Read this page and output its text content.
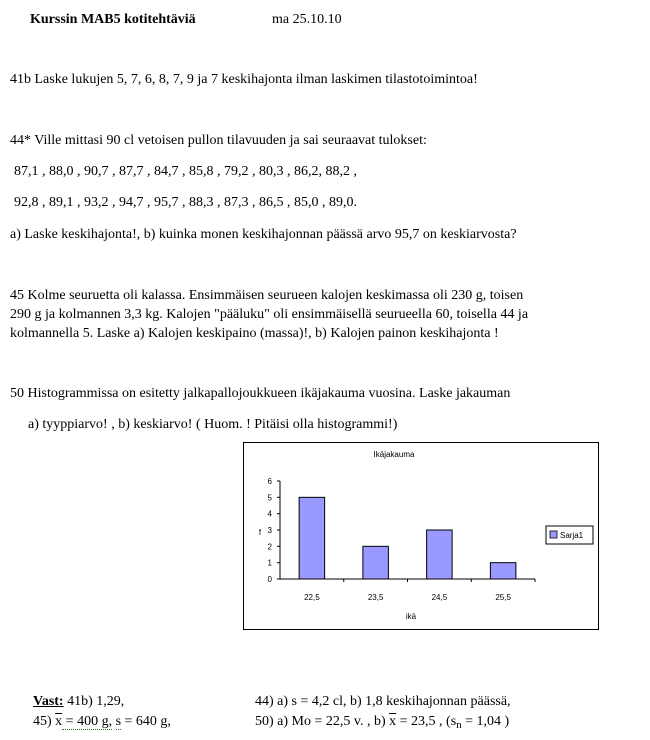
Kurssin MAB5 kotitehtäviä	ma 25.10.10
41b Laske lukujen 5, 7, 6, 8, 7, 9 ja 7 keskihajonta ilman laskimen tilastotoimintoa!
44* Ville mittasi 90 cl vetoisen pullon tilavuuden ja sai seuraavat tulokset:
87,1 , 88,0 , 90,7 , 87,7 , 84,7 , 85,8 , 79,2 , 80,3 , 86,2, 88,2 ,
92,8 , 89,1 , 93,2 , 94,7 , 95,7 , 88,3 , 87,3 , 86,5 , 85,0 , 89,0.
a) Laske keskihajonta!, b) kuinka monen keskihajonnan päässä arvo 95,7 on keskiarvosta?
45 Kolme seuruetta oli kalassa. Ensimmäisen seurueen kalojen keskimassa oli 230 g, toisen
290 g ja kolmannen 3,3 kg. Kalojen "pääluku" oli ensimmäisellä seurueella 60, toisella 44 ja
kolmannella 5. Laske a) Kalojen keskipaino (massa)!, b) Kalojen painon keskihajonta !
50 Histogrammissa on esitetty jalkapallojoukkueen ikäjakauma vuosina. Laske jakauman
a) tyyppiarvo! , b) keskiarvo! ( Huom. ! Pitäisi olla histogrammi!)
Ikäjakauma
f
ikä
0
1
2
3
4
5
6
22,5	23,5	24,5	25,5
Sarja1
Vast: 41b) 1,29,	44) a) s = 4,2 cl, b) 1,8 keskihajonnan päässä,
45) $\overline{x} = 400$ g, s = 640 g,	50) a) Mo = 22,5 v. , b) $\overline{x} = 23,5$ , ($s_n = 1,04$ )
